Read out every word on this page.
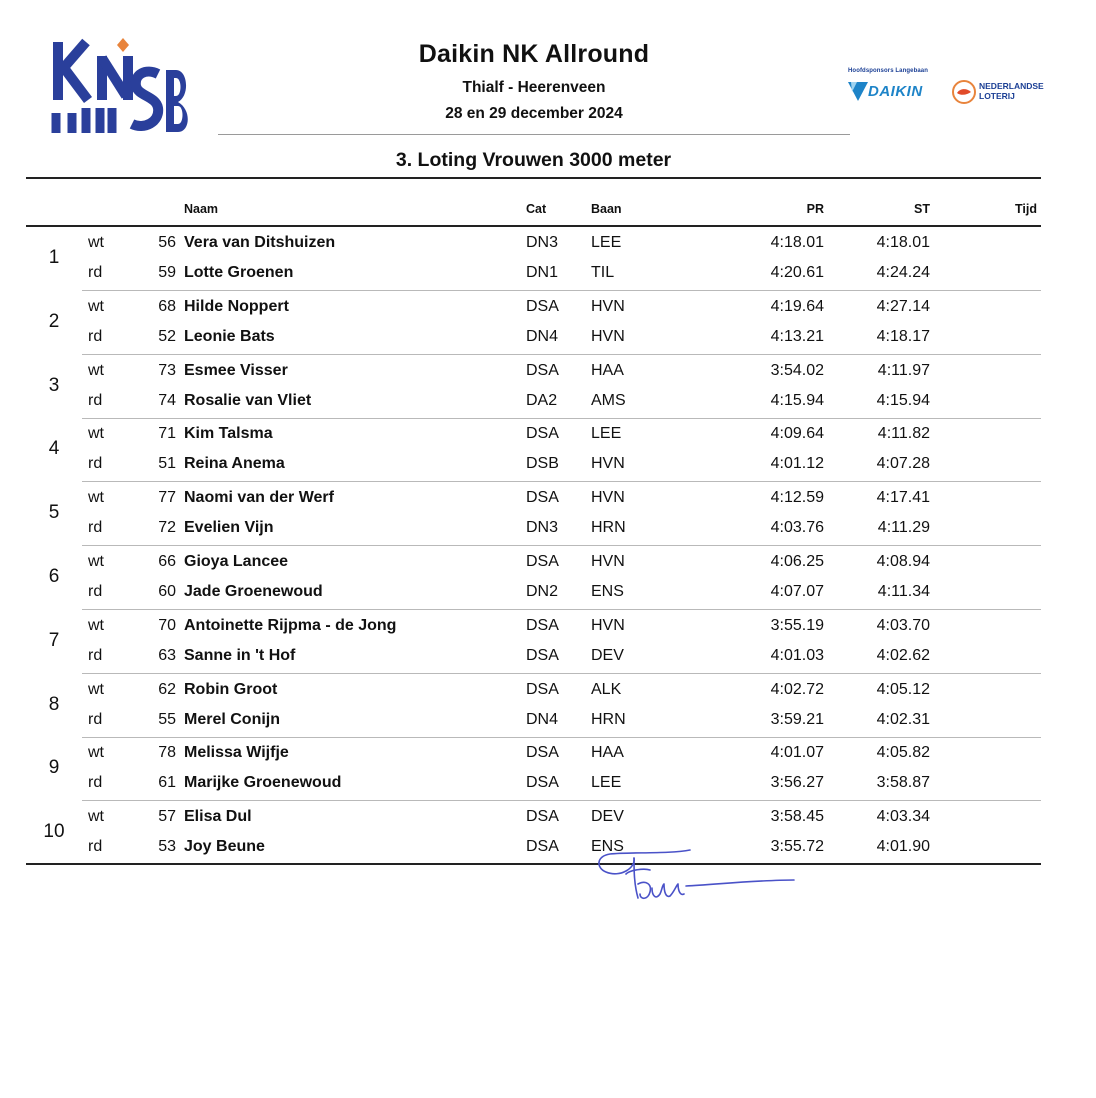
Daikin NK Allround
Thialf - Heerenveen
28 en 29 december 2024
Hoofdsponsors Langebaan
DAIKIN	NEDERLANDSE
LOTERIJ
3. Loting Vrouwen 3000 meter
Naam	Cat	Baan	PR	ST	Tijd
1
wt	56 Vera van Ditshuizen	DN3	LEE	4:18.01	4:18.01
rd	59 Lotte Groenen	DN1	TIL	4:20.61	4:24.24
2
wt	68 Hilde Noppert	DSA	HVN	4:19.64	4:27.14
rd	52 Leonie Bats	DN4	HVN	4:13.21	4:18.17
3
wt	73 Esmee Visser	DSA	HAA	3:54.02	4:11.97
rd	74 Rosalie van Vliet	DA2	AMS	4:15.94	4:15.94
4
wt	71 Kim Talsma	DSA	LEE	4:09.64	4:11.82
rd	51 Reina Anema	DSB	HVN	4:01.12	4:07.28
5
wt	77 Naomi van der Werf	DSA	HVN	4:12.59	4:17.41
rd	72 Evelien Vijn	DN3	HRN	4:03.76	4:11.29
6
wt	66 Gioya Lancee	DSA	HVN	4:06.25	4:08.94
rd	60 Jade Groenewoud	DN2	ENS	4:07.07	4:11.34
7
wt	70 Antoinette Rijpma - de Jong	DSA	HVN	3:55.19	4:03.70
rd	63 Sanne in 't Hof	DSA	DEV	4:01.03	4:02.62
8
wt	62 Robin Groot	DSA	ALK	4:02.72	4:05.12
rd	55 Merel Conijn	DN4	HRN	3:59.21	4:02.31
9
wt	78 Melissa Wijfje	DSA	HAA	4:01.07	4:05.82
rd	61 Marijke Groenewoud	DSA	LEE	3:56.27	3:58.87
10
wt	57 Elisa Dul	DSA	DEV	3:58.45	4:03.34
rd	53 Joy Beune	DSA	ENS	3:55.72	4:01.90
